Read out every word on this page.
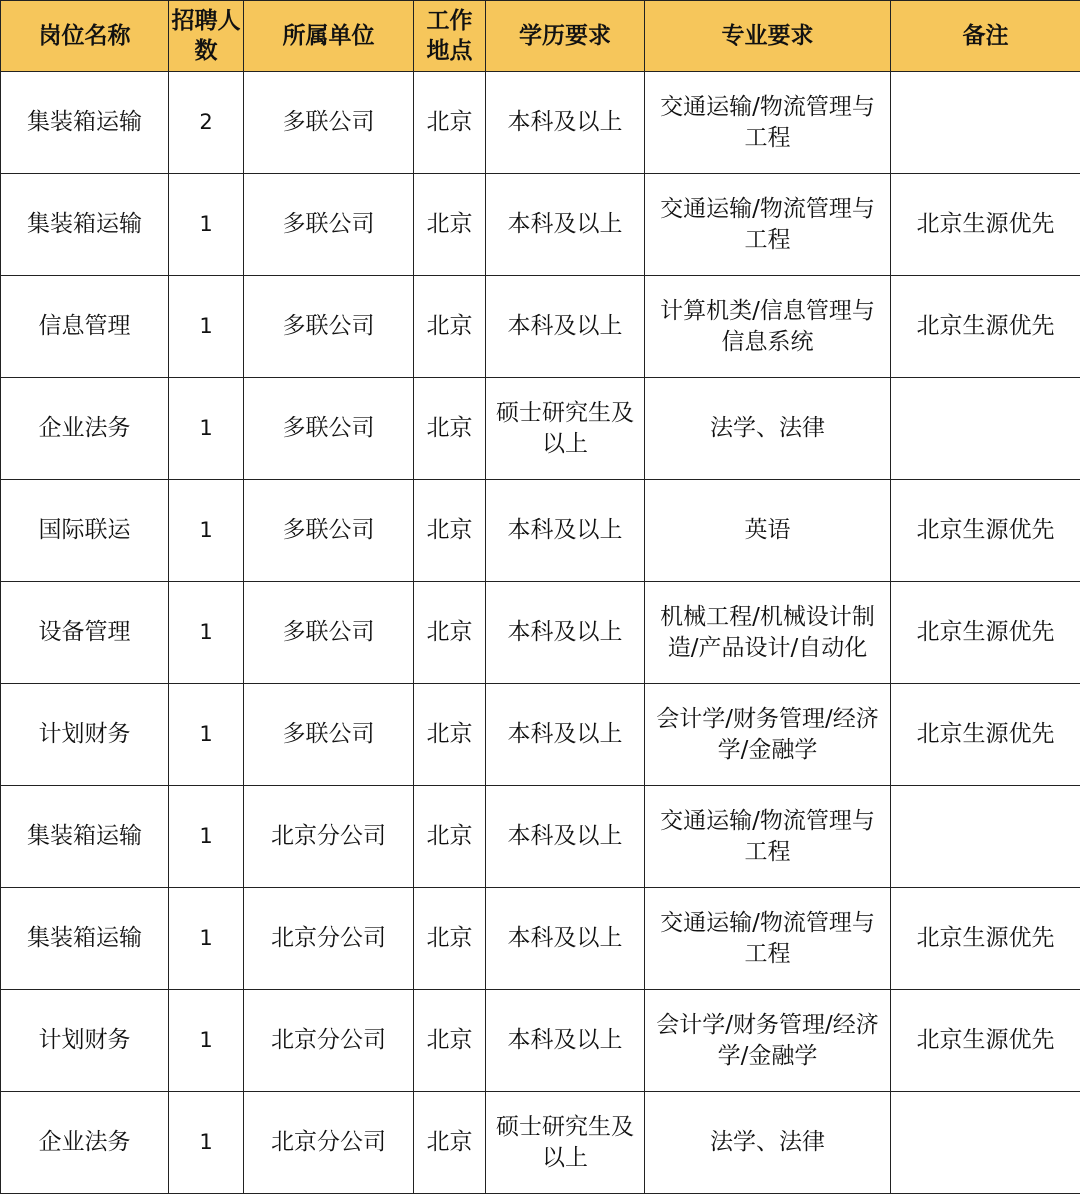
岗位名称	招聘人数	所属单位	工作地点	学历要求	专业要求	备注
集装箱运输	2	多联公司	北京	本科及以上	交通运输/物流管理与工程	
集装箱运输	1	多联公司	北京	本科及以上	交通运输/物流管理与工程	北京生源优先
信息管理	1	多联公司	北京	本科及以上	计算机类/信息管理与信息系统	北京生源优先
企业法务	1	多联公司	北京	硕士研究生及以上	法学、法律	
国际联运	1	多联公司	北京	本科及以上	英语	北京生源优先
设备管理	1	多联公司	北京	本科及以上	机械工程/机械设计制造/产品设计/自动化	北京生源优先
计划财务	1	多联公司	北京	本科及以上	会计学/财务管理/经济学/金融学	北京生源优先
集装箱运输	1	北京分公司	北京	本科及以上	交通运输/物流管理与工程	
集装箱运输	1	北京分公司	北京	本科及以上	交通运输/物流管理与工程	北京生源优先
计划财务	1	北京分公司	北京	本科及以上	会计学/财务管理/经济学/金融学	北京生源优先
企业法务	1	北京分公司	北京	硕士研究生及以上	法学、法律	
